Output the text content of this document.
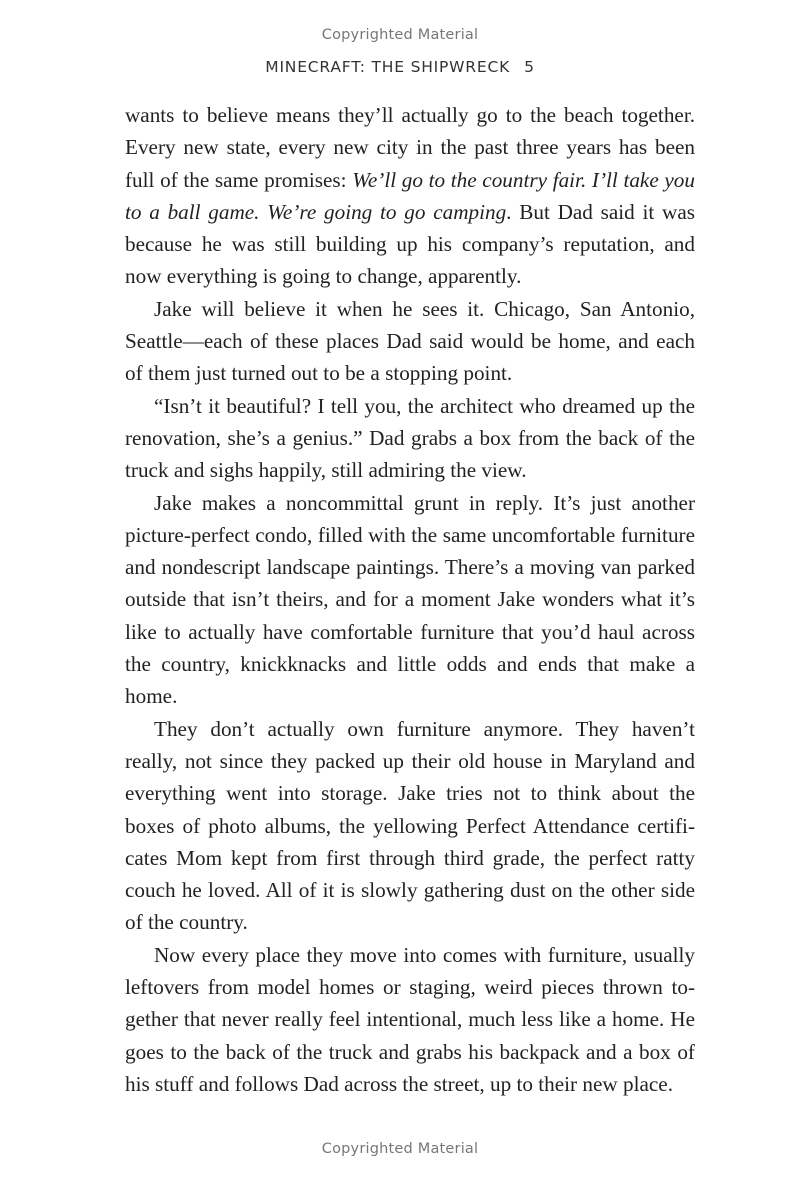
Copyrighted Material
MINECRAFT: THE SHIPWRECK 5

wants to believe means they’ll actually go to the beach together. Every new state, every new city in the past three years has been full of the same promises: We’ll go to the country fair. I’ll take you to a ball game. We’re going to go camping. But Dad said it was because he was still building up his company’s reputation, and now everything is going to change, apparently.

Jake will believe it when he sees it. Chicago, San Antonio, Seattle—each of these places Dad said would be home, and each of them just turned out to be a stopping point.

“Isn’t it beautiful? I tell you, the architect who dreamed up the renovation, she’s a genius.” Dad grabs a box from the back of the truck and sighs happily, still admiring the view.

Jake makes a noncommittal grunt in reply. It’s just another picture-perfect condo, filled with the same uncomfortable furniture and nondescript landscape paintings. There’s a moving van parked outside that isn’t theirs, and for a moment Jake wonders what it’s like to actually have comfortable furniture that you’d haul across the country, knickknacks and little odds and ends that make a home.

They don’t actually own furniture anymore. They haven’t really, not since they packed up their old house in Maryland and everything went into storage. Jake tries not to think about the boxes of photo albums, the yellowing Perfect Attendance certificates Mom kept from first through third grade, the perfect ratty couch he loved. All of it is slowly gathering dust on the other side of the country.

Now every place they move into comes with furniture, usually leftovers from model homes or staging, weird pieces thrown together that never really feel intentional, much less like a home. He goes to the back of the truck and grabs his backpack and a box of his stuff and follows Dad across the street, up to their new place.

Copyrighted Material
